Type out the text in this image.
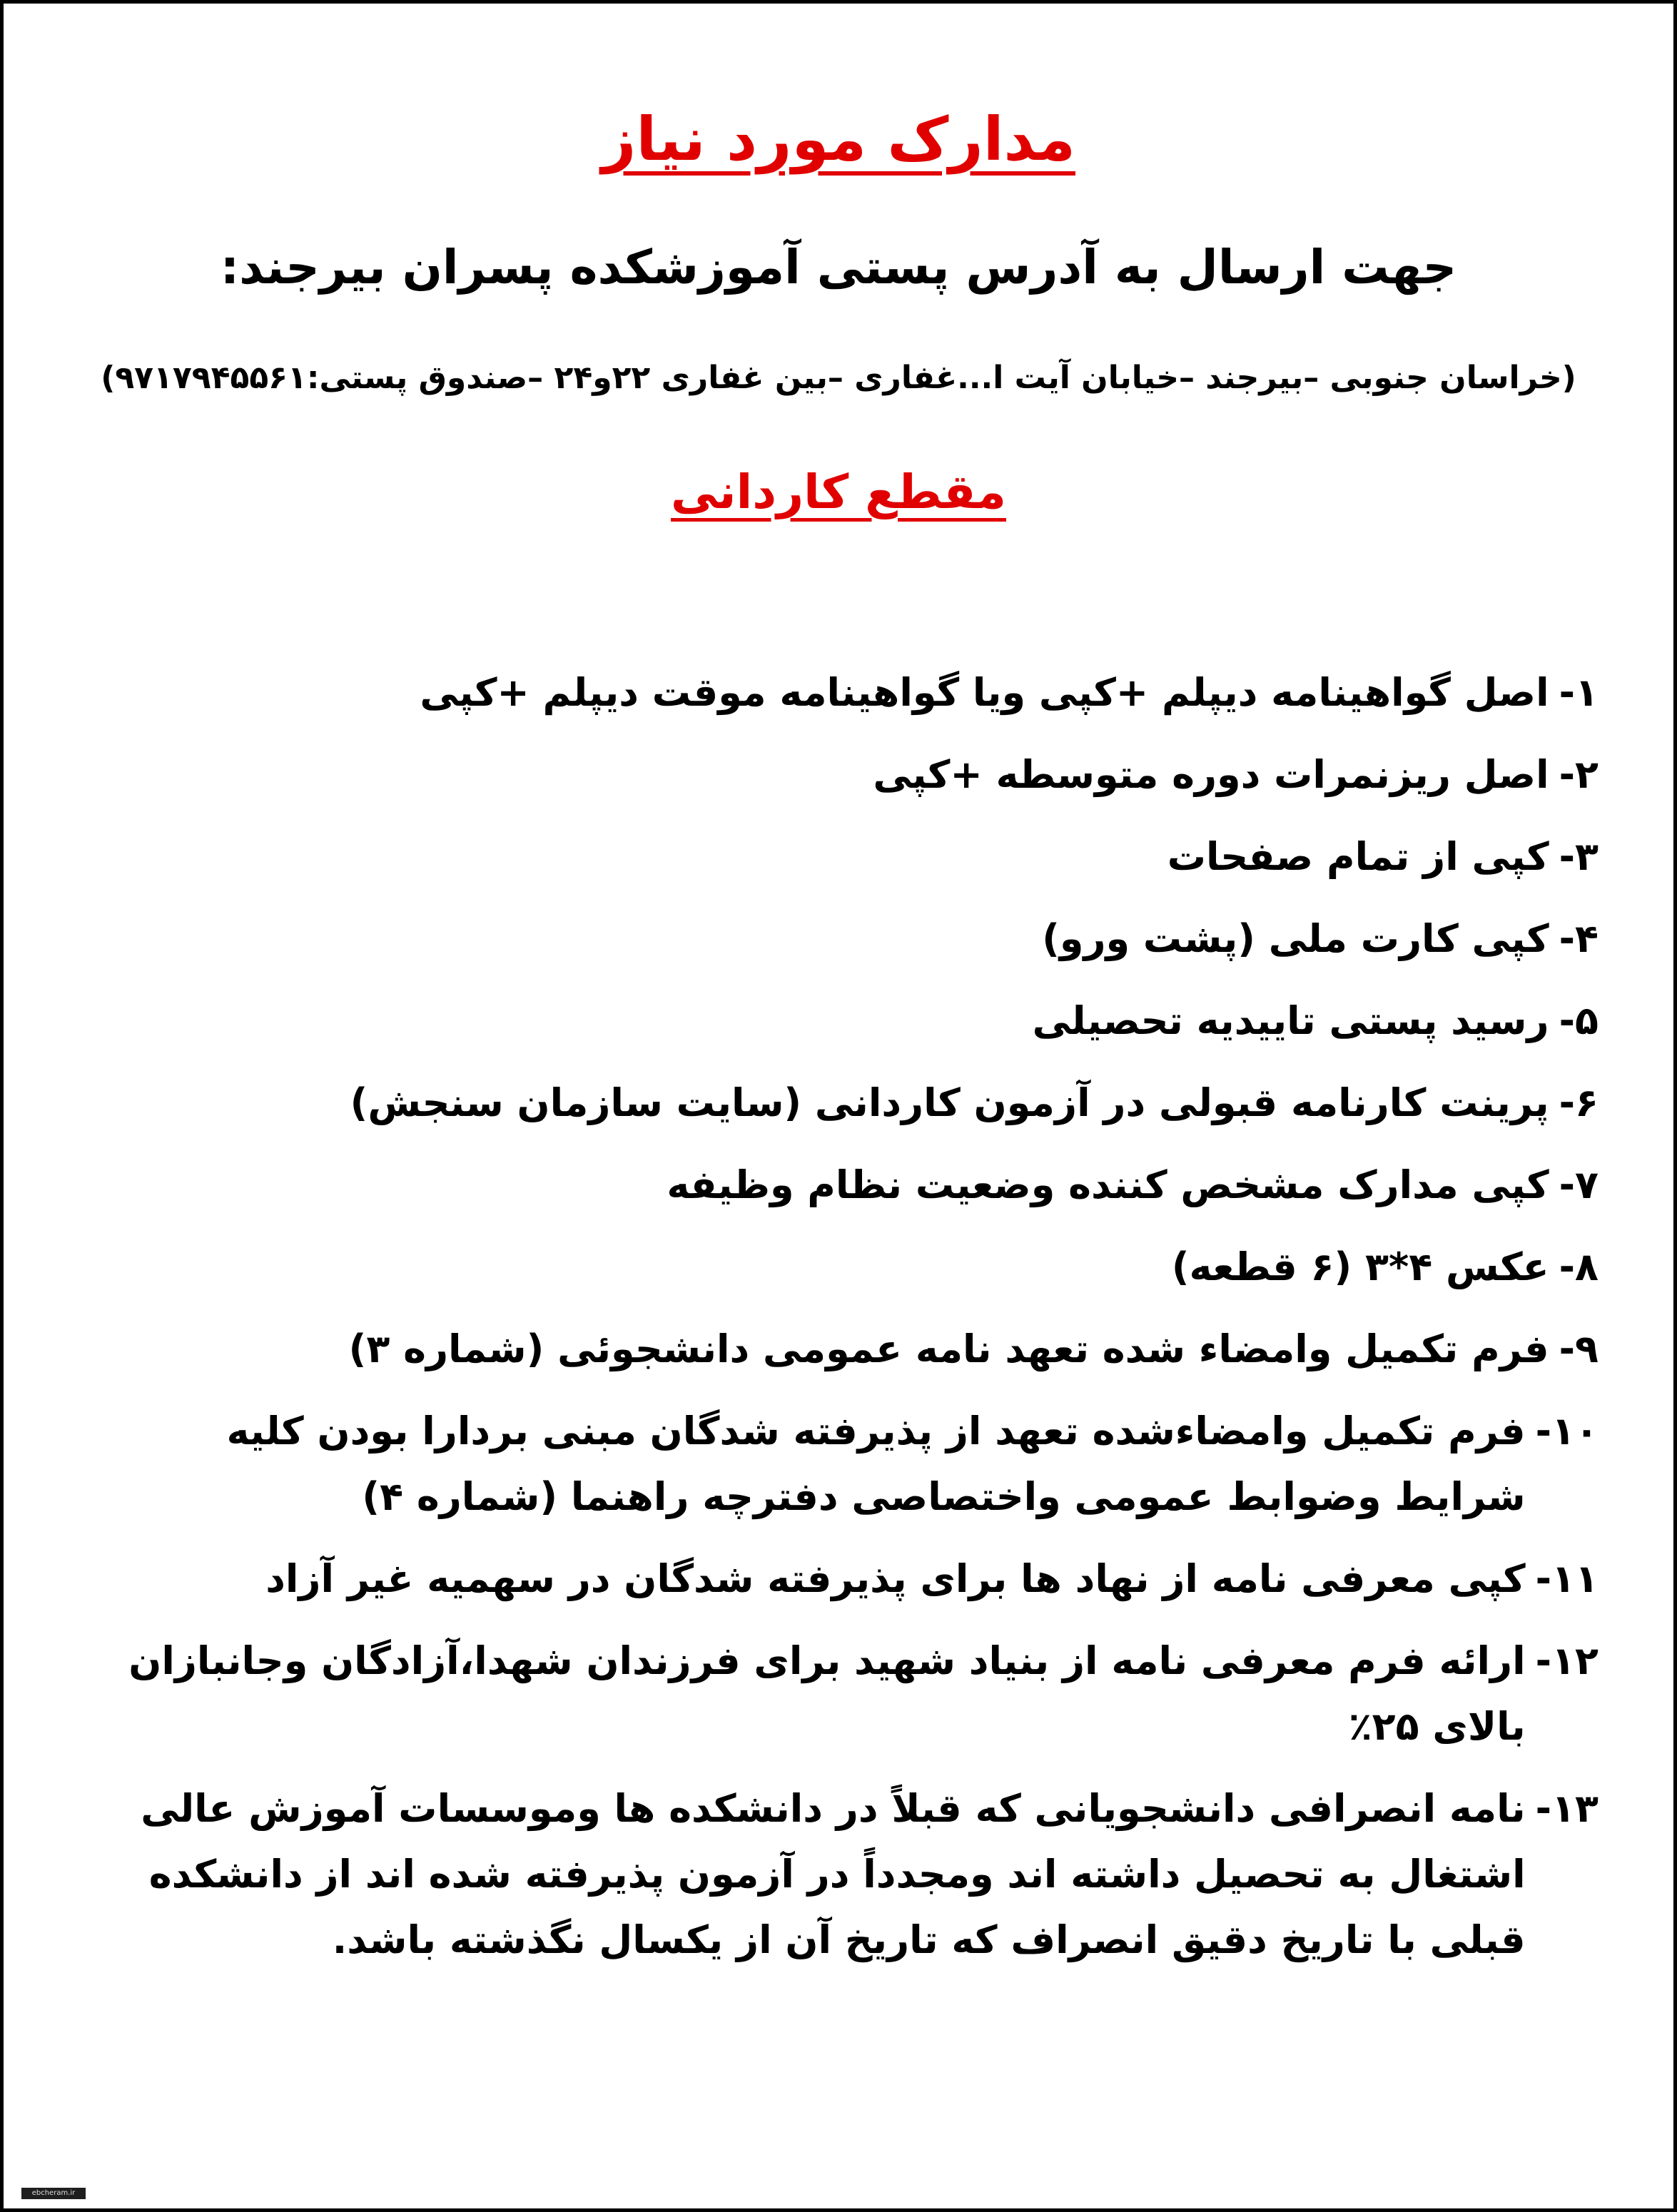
مدارک مورد نیاز
جهت ارسال به آدرس پستی آموزشکده پسران بیرجند:
(خراسان جنوبی –بیرجند –خیابان آیت ا...غفاری –بین غفاری ۲۲و۲۴ –صندوق پستی:۹۷۱۷۹۴۵۵۶۱)
مقطع کاردانی
۱-
اصل گواهینامه دیپلم +کپی ویا گواهینامه موقت دیپلم +کپی
۲-
اصل ریزنمرات دوره متوسطه +کپی
۳-
کپی از تمام صفحات
۴-
کپی کارت ملی (پشت ورو)
۵-
رسید پستی تاییدیه تحصیلی
۶-
پرینت کارنامه قبولی در آزمون کاردانی (سایت سازمان سنجش)
۷-
کپی مدارک مشخص کننده وضعیت نظام وظیفه
۸-
عکس ۴*۳ (۶ قطعه)
۹-
فرم تکمیل وامضاء شده تعهد نامه عمومی دانشجوئی (شماره ۳)
۱۰-
فرم تکمیل وامضاءشده تعهد از پذیرفته شدگان مبنی بردارا بودن کلیه شرایط وضوابط عمومی واختصاصی دفترچه راهنما (شماره ۴)
۱۱-
کپی معرفی نامه از نهاد ها برای پذیرفته شدگان در سهمیه غیر آزاد
۱۲-
ارائه فرم معرفی نامه از بنیاد شهید برای فرزندان شهدا،آزادگان وجانبازان بالای ۲۵٪
۱۳-
نامه انصرافی دانشجویانی که قبلاً در دانشکده ها وموسسات آموزش عالی اشتغال به تحصیل داشته اند ومجدداً در آزمون پذیرفته شده اند از دانشکده قبلی با تاریخ دقیق انصراف که تاریخ آن از یکسال نگذشته باشد.
ebcheram.ir
